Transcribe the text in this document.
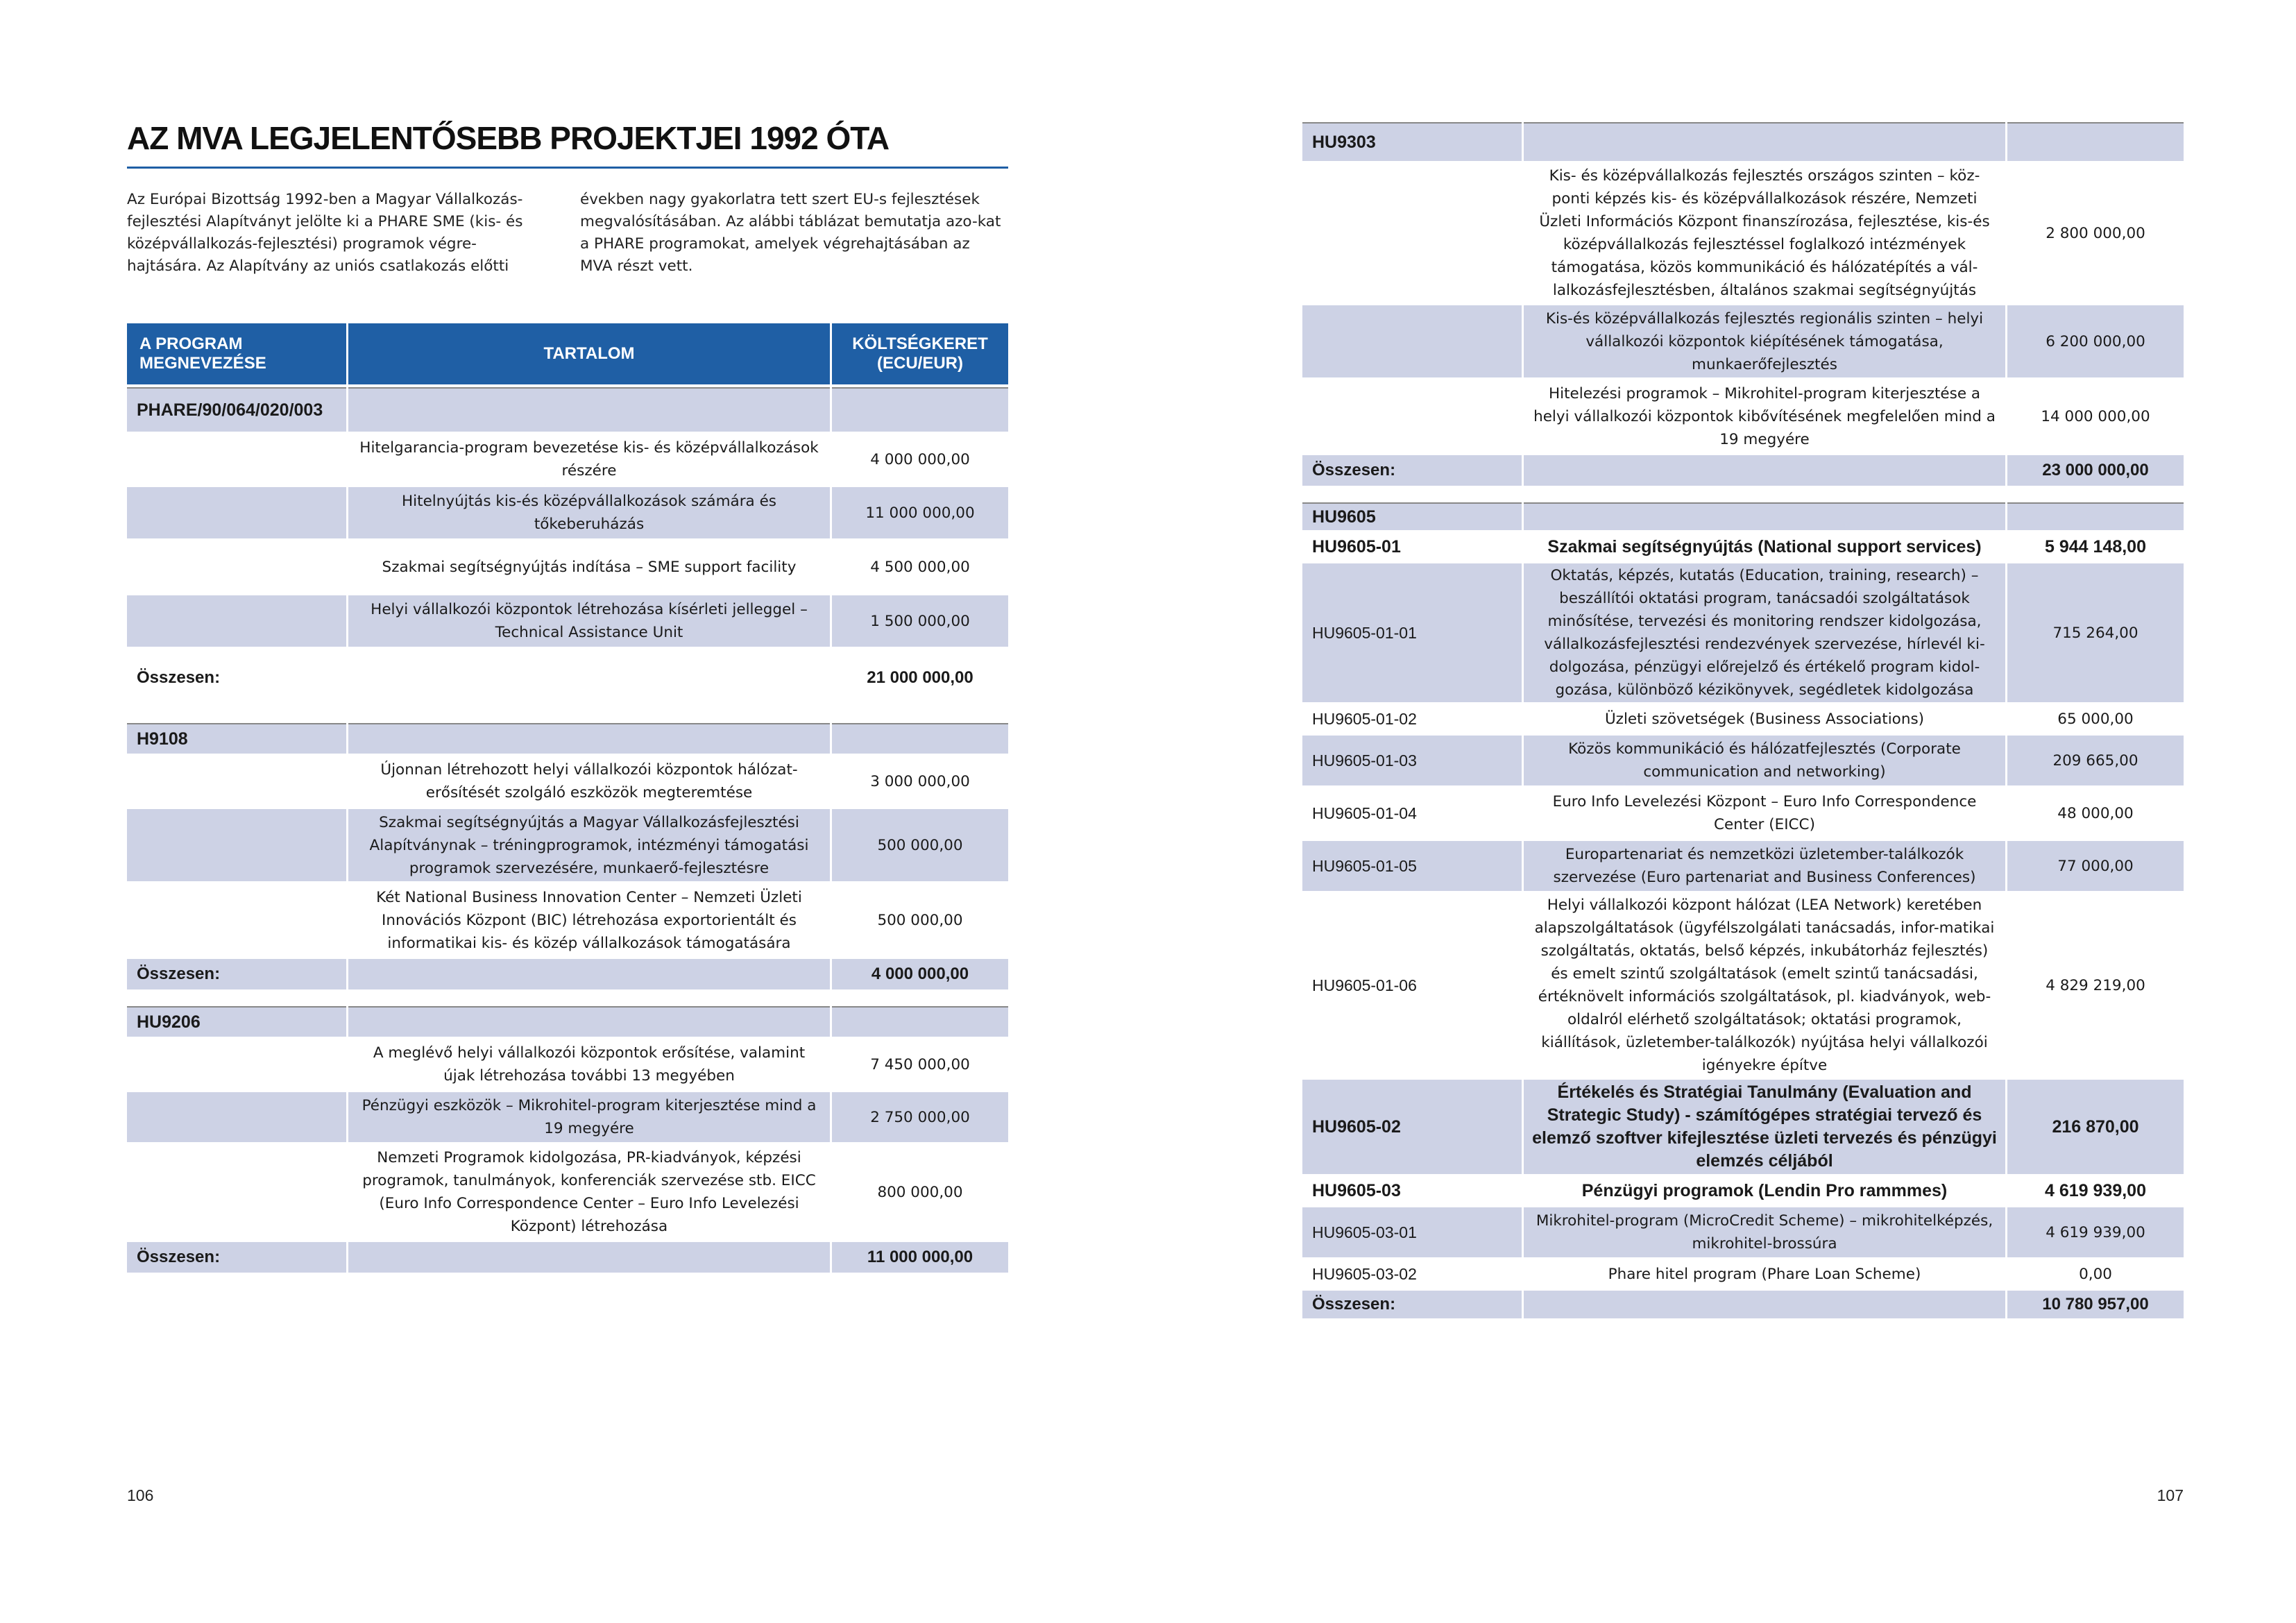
AZ MVA LEGJELENTŐSEBB PROJEKTJEI 1992 ÓTA
Az Európai Bizottság 1992-ben a Magyar Vállalkozás-fejlesztési Alapítványt jelölte ki a PHARE SME (kis- és középvállalkozás-fejlesztési) programok végre-hajtására. Az Alapítvány az uniós csatlakozás előtti
években nagy gyakorlatra tett szert EU-s fejlesztések megvalósításában. Az alábbi táblázat bemutatja azo-kat a PHARE programokat, amelyek végrehajtásában az MVA részt vett.
A PROGRAM MEGNEVEZÉSE	TARTALOM	KÖLTSÉGKERET (ECU/EUR)
PHARE/90/064/020/003		
	Hitelgarancia-program bevezetése kis- és középvállalkozások részére	4 000 000,00
	Hitelnyújtás kis-és középvállalkozások számára és tőkeberuházás	11 000 000,00
	Szakmai segítségnyújtás indítása – SME support facility	4 500 000,00
	Helyi vállalkozói központok létrehozása kísérleti jelleggel – Technical Assistance Unit	1 500 000,00
Összesen:		21 000 000,00

H9108		
	Újonnan létrehozott helyi vállalkozói központok hálózat-erősítését szolgáló eszközök megteremtése	3 000 000,00
	Szakmai segítségnyújtás a Magyar Vállalkozásfejlesztési Alapítványnak – tréningprogramok, intézményi támogatási programok szervezésére, munkaerő-fejlesztésre	500 000,00
	Két National Business Innovation Center – Nemzeti Üzleti Innovációs Központ (BIC) létrehozása exportorientált és informatikai kis- és közép vállalkozások támogatására	500 000,00
Összesen:		4 000 000,00

HU9206		
	A meglévő helyi vállalkozói központok erősítése, valamint újak létrehozása további 13 megyében	7 450 000,00
	Pénzügyi eszközök – Mikrohitel-program kiterjesztése mind a 19 megyére	2 750 000,00
	Nemzeti Programok kidolgozása, PR-kiadványok, képzési programok, tanulmányok, konferenciák szervezése stb. EICC (Euro Info Correspondence Center – Euro Info Levelezési Központ) létrehozása	800 000,00
Összesen:		11 000 000,00
106
HU9303		
	Kis- és középvállalkozás fejlesztés országos szinten – köz-ponti képzés kis- és középvállalkozások részére, Nemzeti Üzleti Információs Központ finanszírozása, fejlesztése, kis-és középvállalkozás fejlesztéssel foglalkozó intézmények támogatása, közös kommunikáció és hálózatépítés a vál-lalkozásfejlesztésben, általános szakmai segítségnyújtás	2 800 000,00
	Kis-és középvállalkozás fejlesztés regionális szinten – helyi vállalkozói központok kiépítésének támogatása, munkaerőfejlesztés	6 200 000,00
	Hitelezési programok – Mikrohitel-program kiterjesztése a helyi vállalkozói központok kibővítésének megfelelően mind a 19 megyére	14 000 000,00
Összesen:		23 000 000,00

HU9605		
HU9605-01	Szakmai segítségnyújtás (National support services)	5 944 148,00
HU9605-01-01	Oktatás, képzés, kutatás (Education, training, research) – beszállítói oktatási program, tanácsadói szolgáltatások minősítése, tervezési és monitoring rendszer kidolgozása, vállalkozásfejlesztési rendezvények szervezése, hírlevél ki-dolgozása, pénzügyi előrejelző és értékelő program kidol-gozása, különböző kézikönyvek, segédletek kidolgozása	715 264,00
HU9605-01-02	Üzleti szövetségek (Business Associations)	65 000,00
HU9605-01-03	Közös kommunikáció és hálózatfejlesztés (Corporate communication and networking)	209 665,00
HU9605-01-04	Euro Info Levelezési Központ – Euro Info Correspondence Center (EICC)	48 000,00
HU9605-01-05	Europartenariat és nemzetközi üzletember-találkozók szervezése (Euro partenariat and Business Conferences)	77 000,00
HU9605-01-06	Helyi vállalkozói központ hálózat (LEA Network) keretében alapszolgáltatások (ügyfélszolgálati tanácsadás, infor-matikai szolgáltatás, oktatás, belső képzés, inkubátorház fejlesztés) és emelt szintű szolgáltatások (emelt szintű tanácsadási, értéknövelt információs szolgáltatások, pl. kiadványok, web-oldalról elérhető szolgáltatások; oktatási programok, kiállítások, üzletember-találkozók) nyújtása helyi vállalkozói igényekre építve	4 829 219,00
HU9605-02	Értékelés és Stratégiai Tanulmány (Evaluation and Strategic Study) - számítógépes stratégiai tervező és elemző szoftver kifejlesztése üzleti tervezés és pénzügyi elemzés céljából	216 870,00
HU9605-03	Pénzügyi programok (Lendin Pro rammmes)	4 619 939,00
HU9605-03-01	Mikrohitel-program (MicroCredit Scheme) – mikrohitelképzés, mikrohitel-brossúra	4 619 939,00
HU9605-03-02	Phare hitel program (Phare Loan Scheme)	0,00
Összesen:		10 780 957,00
107
